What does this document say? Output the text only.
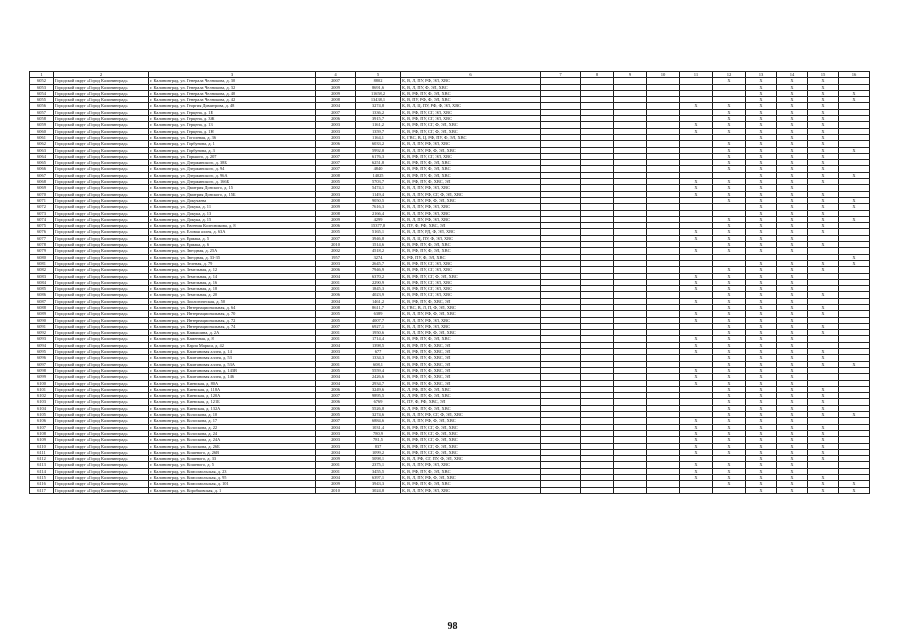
1	2	3	4	5	6	7	8	9	10	11	12	13	14	15	16
6052	Городской округ «Город Калининград»	г. Калининград, ул. Генерала Челнокова, д. 30	2007	8802	К, В, Л, ПУ, РФ, ЭЛ, ХВС						X	X	X	X	
6053	Городской округ «Город Калининград»	г. Калининград, ул. Генерала Челнокова, д. 32	2009	8691,6	К, В, Л, ПУ, Ф, ЭЛ, ХВС							X	X	X	
6054	Городской округ «Город Калининград»	г. Калининград, ул. Генерала Челнокова, д. 40	2009	11658,2	К, В, РФ, ПУ, Ф, ЭЛ, ХВС							X	X	X	X
6055	Городской округ «Город Калининград»	г. Калининград, ул. Генерала Челнокова, д. 42	2008	13438,1	К, В, ПУ, РФ, Ф, ЭЛ, ХВС							X	X	X	X
6056	Городской округ «Город Калининград»	г. Калининград, ул. Георгия Димитрова, д. 48	2004	3274,8	К, В, Л, Ц, ПУ, РФ, Ф, ЭЛ, ХВС					X	X	X	X	X	
6057	Городской округ «Город Калининград»	г. Калининград, ул. Герцена, д. 1Е	2007	1336,2	К, В, РФ, ПУ, СГ, ЭЛ, ХВС						X	X	X	X	
6058	Городской округ «Город Калининград»	г. Калининград, ул. Герцена, д. 3Ж	2006	3915,7	К, В, РФ, ПУ, СГ, ЭЛ, ХВС						X	X	X	X	
6059	Городской округ «Город Калининград»	г. Калининград, ул. Герцена, д. 13	2003	1161,2	К, В, РФ, ПУ, СГ, Ф, ЭЛ, ХВС					X	X	X	X	X	
6060	Городской округ «Город Калининград»	г. Калининград, ул. Герцена, д. 1Н	2003	1359,7	К, В, РФ, ПУ, СГ, Ф, ЭЛ, ХВС					X	X	X	X	X	
6061	Городской округ «Город Калининград»	г. Калининград, ул. Гоголевая, д. 36	2003	1164,1	К, ГВС, В, Ц, РФ, ПУ, Ф, ЭЛ, ХВС							X	X	X	
6062	Городской округ «Город Калининград»	г. Калининград, ул. Горбунова, д. 1	2006	6033,2	К, В, Л, ПУ, РФ, ЭЛ, ХВС						X	X	X	X	
6063	Городской округ «Город Калининград»	г. Калининград, ул. Горбунова, д. 3	2008	5992,8	К, В, Л, ПУ, РФ, Ф, ЭЛ, ХВС						X	X	X	X	X
6064	Городской округ «Город Калининград»	г. Калининград, ул. Горького, д. 207	2007	6176,3	К, В, РФ, ПУ, СГ, ЭЛ, ХВС						X	X	X	X	
6065	Городской округ «Город Калининград»	г. Калининград, ул. Дзержинского, д. 38Б	2007	6251,8	К, В, РФ, ПУ, Ф, ЭЛ, ХВС						X	X	X	X	
6066	Городской округ «Город Калининград»	г. Калининград, ул. Дзержинского, д. 94	2007	4840	К, В, РФ, ПУ, Ф, ЭЛ, ХВС						X	X	X	X	
6067	Городской округ «Город Калининград»	г. Калининград, ул. Дзержинского, д. 96А	2008	14025	К, В, РФ, ПУ, Ф, ЭЛ, ХВС							X	X	X	X
6068	Городской округ «Город Калининград»	г. Калининград, ул. Дзержинского, д. 166Б	2005	5703,7	К, В, РФ, ПУ, Ф, ХВС, ЭЛ					X	X	X	X	X	
6069	Городской округ «Город Калининград»	г. Калининград, ул. Дмитрия Донского, д. 15	2002	5474,1	К, В, Л, ПУ, РФ, ЭЛ, ХВС					X	X	X	X		
6070	Городской округ «Город Калининград»	г. Калининград, ул. Дмитрия Донского, д. 15Б	2003	1149,4	К, В, Л, ПУ, РФ, СГ, Ф, ЭЛ, ХВС					X	X	X	X	X	
6071	Городской округ «Город Калининград»	г. Калининград, ул. Докучаева	2008	9050,5	К, В, Л, ПУ, РФ, Ф, ЭЛ, ХВС						X	X	X	X	X
6072	Городской округ «Город Калининград»	г. Калининград, ул. Докука, д. 11	2009	7616,3	К, В, Л, ПУ, РФ, ЭЛ, ХВС							X	X	X	X
6073	Городской округ «Город Калининград»	г. Калининград, ул. Докука, д. 13	2008	2166,4	К, В, Л, ПУ, РФ, ЭЛ, ХВС							X	X	X	
6074	Городской округ «Город Калининград»	г. Калининград, ул. Докука, д. 15	2009	4299	К, В, Л, ПУ, РФ, ЭЛ, ХВС						X	X	X	X	X
6075	Городской округ «Город Калининград»	г. Калининград, ул. Евгения Колесникова, д. 8	2006	15377,8	К, ПУ, Ф, РФ, ХВС, ЭЛ						X	X	X	X	
6076	Городской округ «Город Калининград»	г. Калининград, ул. Еловая аллея, д. 63А	2005	5165,1	К, В, Л, ПУ, РД, Ф, ЭЛ, ХВС					X	X	X	X	X	
6077	Городской округ «Город Калининград»	г. Калининград, ул. Ермака, д. 5	2007	3946,8	К, В, Л, Ц, ПУ, Ф, ЭЛ, ХВС					X	X	X	X		
6078	Городской округ «Город Калининград»	г. Калининград, ул. Ермака, д. 6	2010	1514,6	К, В, РФ, ПУ, Ф, ЭЛ, ХВС						X	X	X	X	
6079	Городской округ «Город Калининград»	г. Калининград, ул. Звездная, д. 25А	2002	4518,2	К, В, РФ, ПУ, Ф, ЭЛ, ХВС					X	X	X	X		
6080	Городской округ «Город Калининград»	г. Калининград, ул. Звездная, д. 33-35	1957	3274	К, РФ, ПУ, Ф, ЭЛ, ХВС										X
6081	Городской округ «Город Калининград»	г. Калининград, ул. Зеленая, д. 79	2003	2645,7	К, В, РФ, ПУ, СГ, ЭЛ, ХВС							X	X	X	X
6082	Городской округ «Город Калининград»	г. Калининград, ул. Земельная, д. 12	2006	7946,9	К, В, РФ, ПУ, СГ, ЭЛ, ХВС						X	X	X	X	
6083	Городской округ «Город Калининград»	г. Калининград, ул. Земельная, д. 14	2004	6370,2	К, В, РФ, ПУ, СГ, Ф, ЭЛ, ХВС					X	X	X	X		
6084	Городской округ «Город Калининград»	г. Калининград, ул. Земельная, д. 16	2001	2290,9	К, В, РФ, ПУ, СГ, ЭЛ, ХВС					X	X	X	X		
6085	Городской округ «Город Калининград»	г. Калининград, ул. Земельная, д. 18	2001	1845,3	К, В, РФ, ПУ, СГ, ЭЛ, ХВС					X	X	X	X		
6086	Городской округ «Город Калининград»	г. Калининград, ул. Земельная, д. 20	2006	4023,9	К, В, РФ, ПУ, СГ, ЭЛ, ХВС						X	X	X	X	
6087	Городской округ «Город Калининград»	г. Калининград, ул. Зоологическая, д. 50	2004	1461,2	К, В, РФ, ПУ, Ф, ХВС, ЭЛ					X	X	X	X		
6088	Городской округ «Город Калининград»	г. Калининград, ул. Интернациональная, д. 64	2008	8611,7	К, ГВС, В, Л, П, Ф, ЭЛ, ХВС						X	X	X	X	
6089	Городской округ «Город Калининград»	г. Калининград, ул. Интернациональная, д. 70	2005	6389	К, В, Л, ПУ, РФ, Ф, ЭЛ, ХВС					X	X	X	X	X	
6090	Городской округ «Город Калининград»	г. Калининград, ул. Интернациональная, д. 72	2005	4007,7	К, В, Л, ПУ, РФ, ЭЛ, ХВС					X	X	X	X		
6091	Городской округ «Город Калининград»	г. Калининград, ул. Интернациональная, д. 74	2007	6927,1	К, В, Л, ПУ, РФ, ЭЛ, ХВС						X	X	X	X	
6092	Городской округ «Город Калининград»	г. Калининград, ул. Камышина, д. 2А	2001	1950,6	К, В, Л, ПУ, РФ, Ф, ЭЛ, ХВС						X	X	X	X	
6093	Городской округ «Город Калининград»	г. Калининград, ул. Каменная, д. 8	2001	1714,4	К, В, РФ, ПУ, Ф, ЭЛ, ХВС					X	X	X	X		
6094	Городской округ «Город Калининград»	г. Калининград, ул. Карла Маркса, д. 42	2004	1398,5	К, В, РФ, ПУ, Ф, ХВС, ЭЛ					X	X	X	X		
6095	Городской округ «Город Калининград»	г. Калининград, ул. Каштановая аллея, д. 14	2003	677	К, В, РФ, ПУ, Ф, ХВС, ЭЛ					X	X	X	X	X	
6096	Городской округ «Город Калининград»	г. Калининград, ул. Каштановая аллея, д. 53	2001	1334,3	К, В, РФ, ПУ, Ф, ХВС, ЭЛ						X	X	X	X	
6097	Городской округ «Город Калининград»	г. Калининград, ул. Каштановая аллея, д. 53А	2001	608,1	К, В, РФ, ПУ, Ф, ХВС, ЭЛ						X	X	X	X	X
6098	Городской округ «Город Калининград»	г. Калининград, ул. Каштановая аллея, д. 143В	2005	5559,4	К, В, РФ, ПУ, Ф, ХВС, ЭЛ					X	X	X	X		
6099	Городской округ «Город Калининград»	г. Калининград, ул. Каштановая аллея, д. 146	2004	2426,6	К, В, РФ, ПУ, Ф, ХВС, ЭЛ					X	X	X	X		
6100	Городской округ «Город Калининград»	г. Калининград, ул. Киевская, д. 80А	2004	2934,7	К, В, РФ, ПУ, Ф, ХВС, ЭЛ					X	X	X	X		
6101	Городской округ «Город Калининград»	г. Калининград, ул. Киевская, д. 118А	2006	3249,6	К, Л, РФ, ПУ, Ф, ЭЛ, ХВС						X	X	X	X	
6102	Городской округ «Город Калининград»	г. Калининград, ул. Киевская, д. 120А	2007	9895,5	К, Л, РФ, ПУ, Ф, ЭЛ, ХВС						X	X	X	X	
6103	Городской округ «Город Калининград»	г. Калининград, ул. Киевская, д. 121Б	2006	6769	К, ПУ, Ф, РФ, ХВС, ЭЛ						X	X	X	X	
6104	Городской округ «Город Калининград»	г. Калининград, ул. Киевская, д. 132А	2006	5526,8	К, Л, РФ, ПУ, Ф, ЭЛ, ХВС						X	X	X	X	
6105	Городской округ «Город Калининград»	г. Калининград, ул. Колоскова, д. 10	2005	3274,6	К, В, Л, ПУ, РФ, СГ, Ф, ЭЛ, ХВС						X	X	X	X	X
6106	Городской округ «Город Калининград»	г. Калининград, ул. Колоскова, д. 17	2007	6884,6	К, В, Л, ПУ, РФ, Ф, ЭЛ, ХВС					X	X	X	X		
6107	Городской округ «Город Калининград»	г. Калининград, ул. Колоскова, д. 22	2004	1031,4	К, В, РФ, ПУ, СГ, Ф, ЭЛ, ХВС					X	X	X	X	X	
6108	Городской округ «Город Калининград»	г. Калининград, ул. Колоскова, д. 24	2003	780,9	К, В, РФ, ПУ, СГ, Ф, ЭЛ, ХВС					X	X	X	X	X	
6109	Городской округ «Город Калининград»	г. Калининград, ул. Колоскова, д. 24А	2003	781,5	К, В, РФ, ПУ, СГ, Ф, ЭЛ, ХВС					X	X	X	X	X	
6110	Городской округ «Город Калининград»	г. Калининград, ул. Колоскова, д. 26Б	2003	837	К, В, РФ, ПУ, СГ, Ф, ЭЛ, ХВС					X	X	X	X	X	
6111	Городской округ «Город Калининград»	г. Калининград, ул. Кошевого, д. 26В	2004	1099,2	К, В, РФ, ПУ, СГ, Ф, ЭЛ, ХВС					X	X	X	X	X	
6112	Городской округ «Город Калининград»	г. Калининград, ул. Кошевого, д. 33	2009	5098,1	К, В, Л, РФ, СГ, ПУ, Ф, ЭЛ, ХВС							X	X	X	
6113	Городской округ «Город Калининград»	г. Калининград, ул. Кошевого, д. 5	2001	2375,1	К, В, Л, ПУ, РФ, ЭЛ, ХВС					X	X	X	X		
6114	Городской округ «Город Калининград»	г. Калининград, ул. Комсомольская, д. 23	2001	3455,5	К, В, РФ, ПУ, Ф, ЭЛ, ХВС					X	X	X	X		
6115	Городской округ «Город Калининград»	г. Калининград, ул. Комсомольская, д. 95	2004	6397,1	К, В, Л, ПУ, РФ, Ф, ЭЛ, ХВС					X	X	X	X	X	
6116	Городской округ «Город Калининград»	г. Калининград, ул. Комсомольская, д. 101	2009	3943,3	К, В, РФ, ПУ, Ф, ЭЛ, ХВС						X	X	X	X	X
6117	Городской округ «Город Калининград»	г. Калининград, ул. Коробковская, д. 1	2010	3024,8	К, В, Л, ПУ, РФ, ЭЛ, ХВС							X	X	X	X
98
